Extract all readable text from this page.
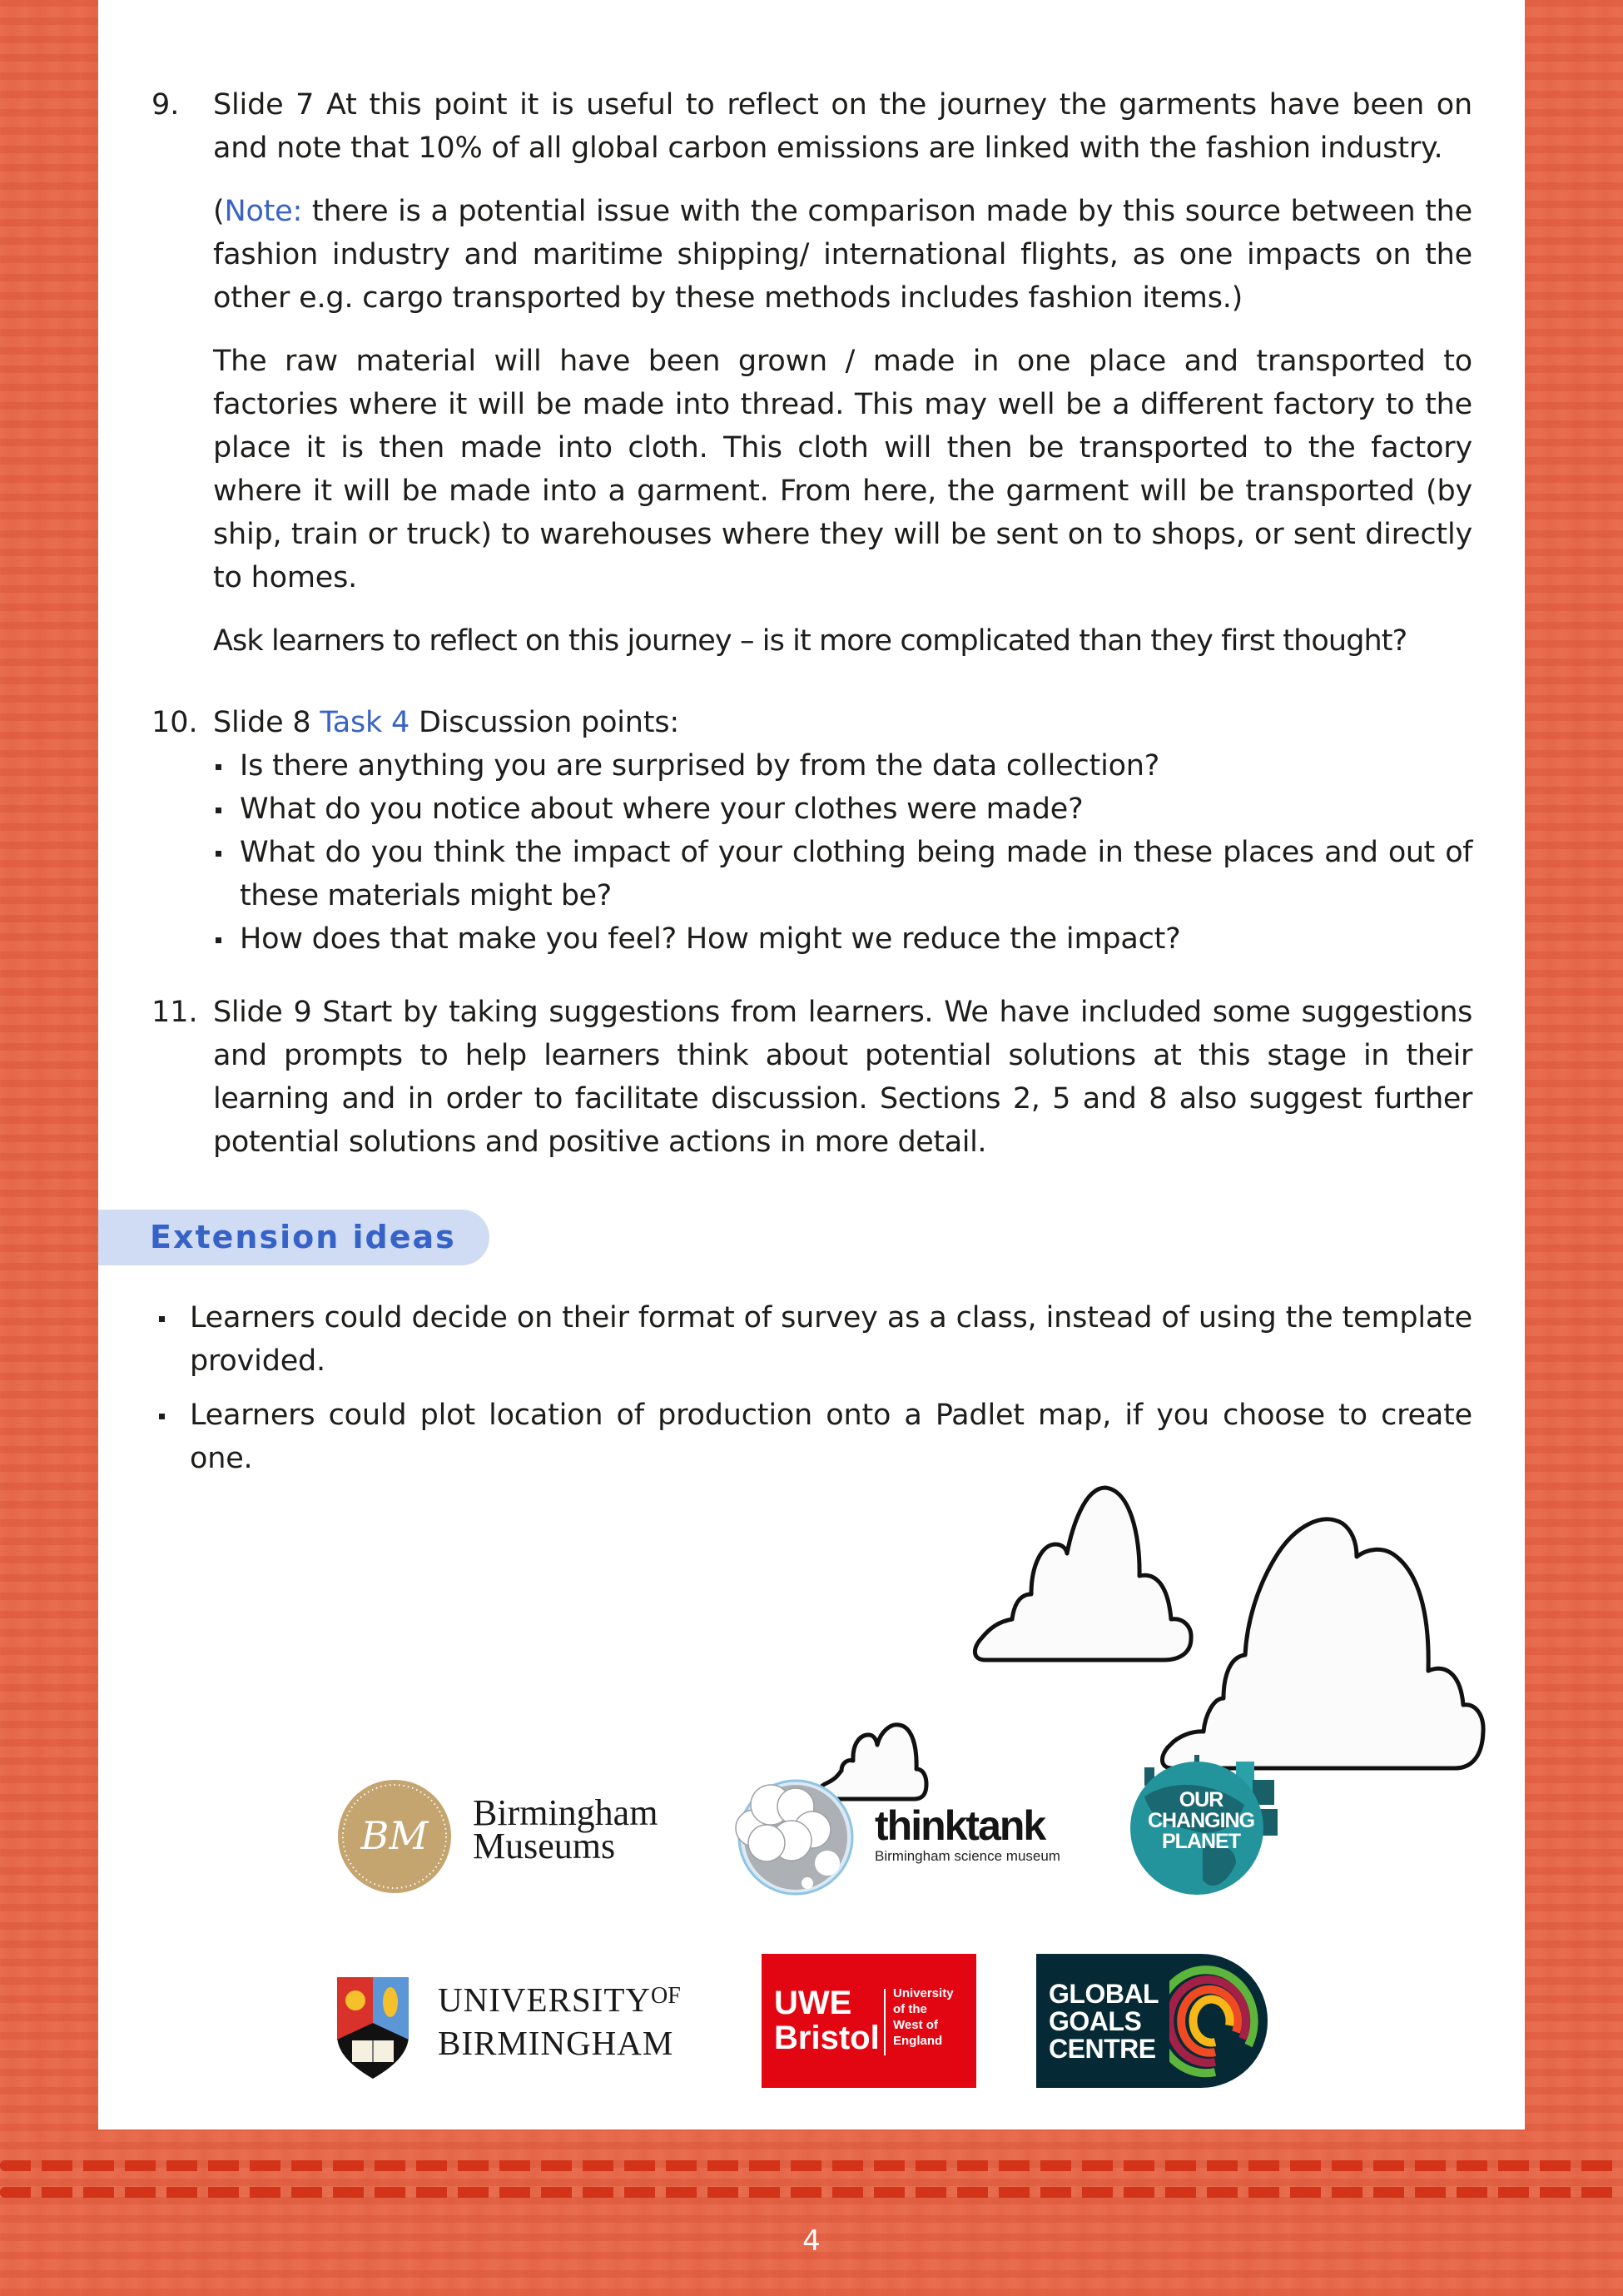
9. Slide 7 At this point it is useful to reflect on the journey the garments have been on and note that 10% of all global carbon emissions are linked with the fashion industry.

(Note: there is a potential issue with the comparison made by this source between the fashion industry and maritime shipping/ international flights, as one impacts on the other e.g. cargo transported by these methods includes fashion items.)

The raw material will have been grown / made in one place and transported to factories where it will be made into thread. This may well be a different factory to the place it is then made into cloth. This cloth will then be transported to the factory where it will be made into a garment. From here, the garment will be transported (by ship, train or truck) to warehouses where they will be sent on to shops, or sent directly to homes.

Ask learners to reflect on this journey – is it more complicated than they first thought?

10. Slide 8 Task 4 Discussion points:

Is there anything you are surprised by from the data collection?
What do you notice about where your clothes were made?
What do you think the impact of your clothing being made in these places and out of these materials might be?
How does that make you feel? How might we reduce the impact?
11. Slide 9 Start by taking suggestions from learners. We have included some suggestions and prompts to help learners think about potential solutions at this stage in their learning and in order to facilitate discussion. Sections 2, 5 and 8 also suggest further potential solutions and positive actions in more detail.

Extension ideas
Learners could decide on their format of survey as a class, instead of using the template provided.
Learners could plot location of production onto a Padlet map, if you choose to create one.
BM
Birmingham
Museums	thinktank
Birmingham science museum
OUR
CHANGING
PLANET
$UNIVERSITY^{OF}$
BIRMINGHAM
UWE
Bristol
University
of the
West of
England
GLOBAL
GOALS
CENTRE
4
